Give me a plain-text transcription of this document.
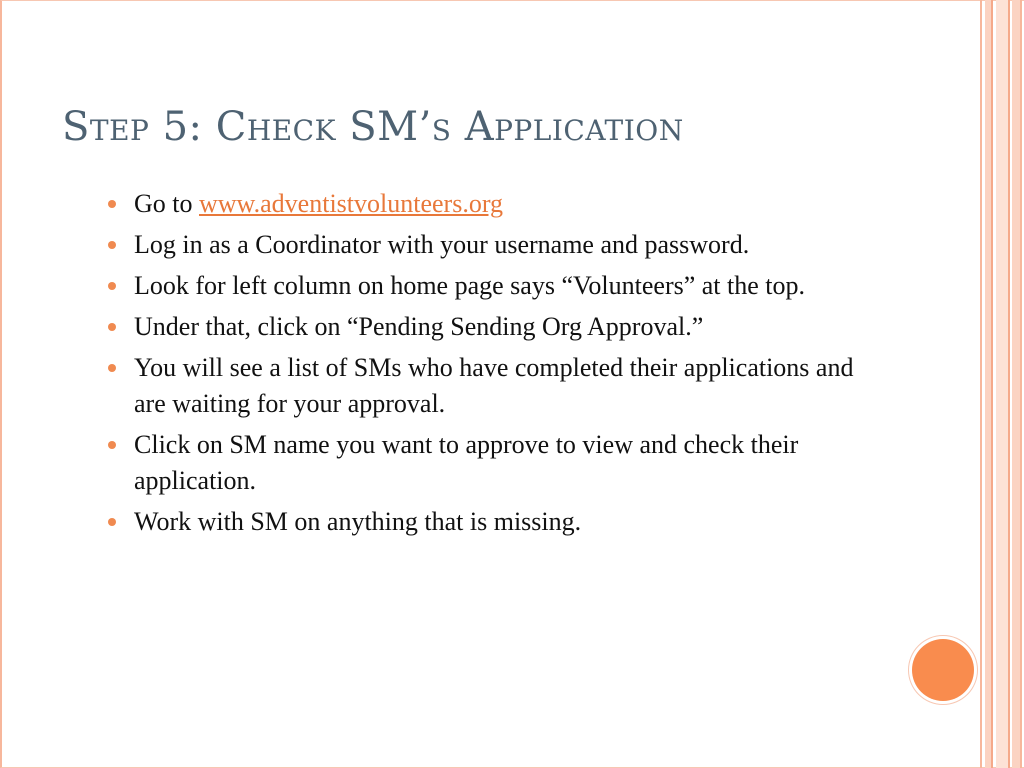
Step 5: Check SM’s Application
Go to www.adventistvolunteers.org
Log in as a Coordinator with your username and password.
Look for left column on home page says “Volunteers” at the top.
Under that, click on “Pending Sending Org Approval.”
You will see a list of SMs who have completed their applications and are waiting for your approval.
Click on SM name you want to approve to view and check their application.
Work with SM on anything that is missing.
